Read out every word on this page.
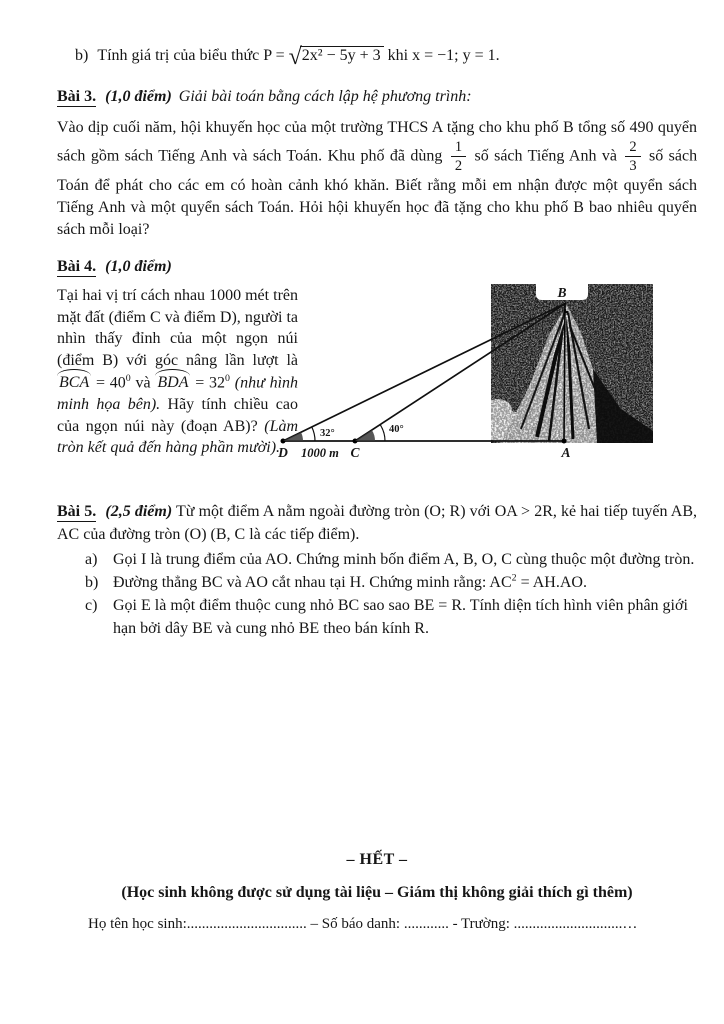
b) Tính giá trị của biểu thức P = √ 2x² − 5y + 3 khi x = −1; y = 1.

Bài 3. (1,0 điểm) Giải bài toán bằng cách lập hệ phương trình:

Vào dịp cuối năm, hội khuyến học của một trường THCS A tặng cho khu phố B tổng số 490 quyển sách gồm sách Tiếng Anh và sách Toán. Khu phố đã dùng $\frac{1}{2}$ số sách Tiếng Anh và $\frac{2}{3}$ số sách Toán để phát cho các em có hoàn cảnh khó khăn. Biết rằng mỗi em nhận được một quyển sách Tiếng Anh và một quyển sách Toán. Hỏi hội khuyến học đã tặng cho khu phố B bao nhiêu quyển sách mỗi loại?

Bài 4. (1,0 điểm)

Tại hai vị trí cách nhau 1000 mét trên mặt đất (điểm C và điểm D), người ta nhìn thấy đỉnh của một ngọn núi (điểm B) với góc nâng lần lượt là BCA = $40^0$ và BDA = $32^0$ (như hình minh họa bên). Hãy tính chiều cao của ngọn núi này (đoạn AB)? (Làm tròn kết quả đến hàng phần mười).

B
32°	40°
D 1000 m C	A

Bài 5. (2,5 điểm) Từ một điểm A nằm ngoài đường tròn (O; R) với OA > 2R, kẻ hai tiếp tuyến AB, AC của đường tròn (O) (B, C là các tiếp điểm).

a) Gọi I là trung điểm của AO. Chứng minh bốn điểm A, B, O, C cùng thuộc một đường tròn.
b) Đường thẳng BC và AO cắt nhau tại H. Chứng minh rằng: $AC^2 = AH.AO$.
c) Gọi E là một điểm thuộc cung nhỏ BC sao sao BE = R. Tính diện tích hình viên phân giới hạn bởi dây BE và cung nhỏ BE theo bán kính R.
– HẾT –
(Học sinh không được sử dụng tài liệu – Giám thị không giải thích gì thêm)
Họ tên học sinh:................................ – Số báo danh: ............ - Trường: .............................…
